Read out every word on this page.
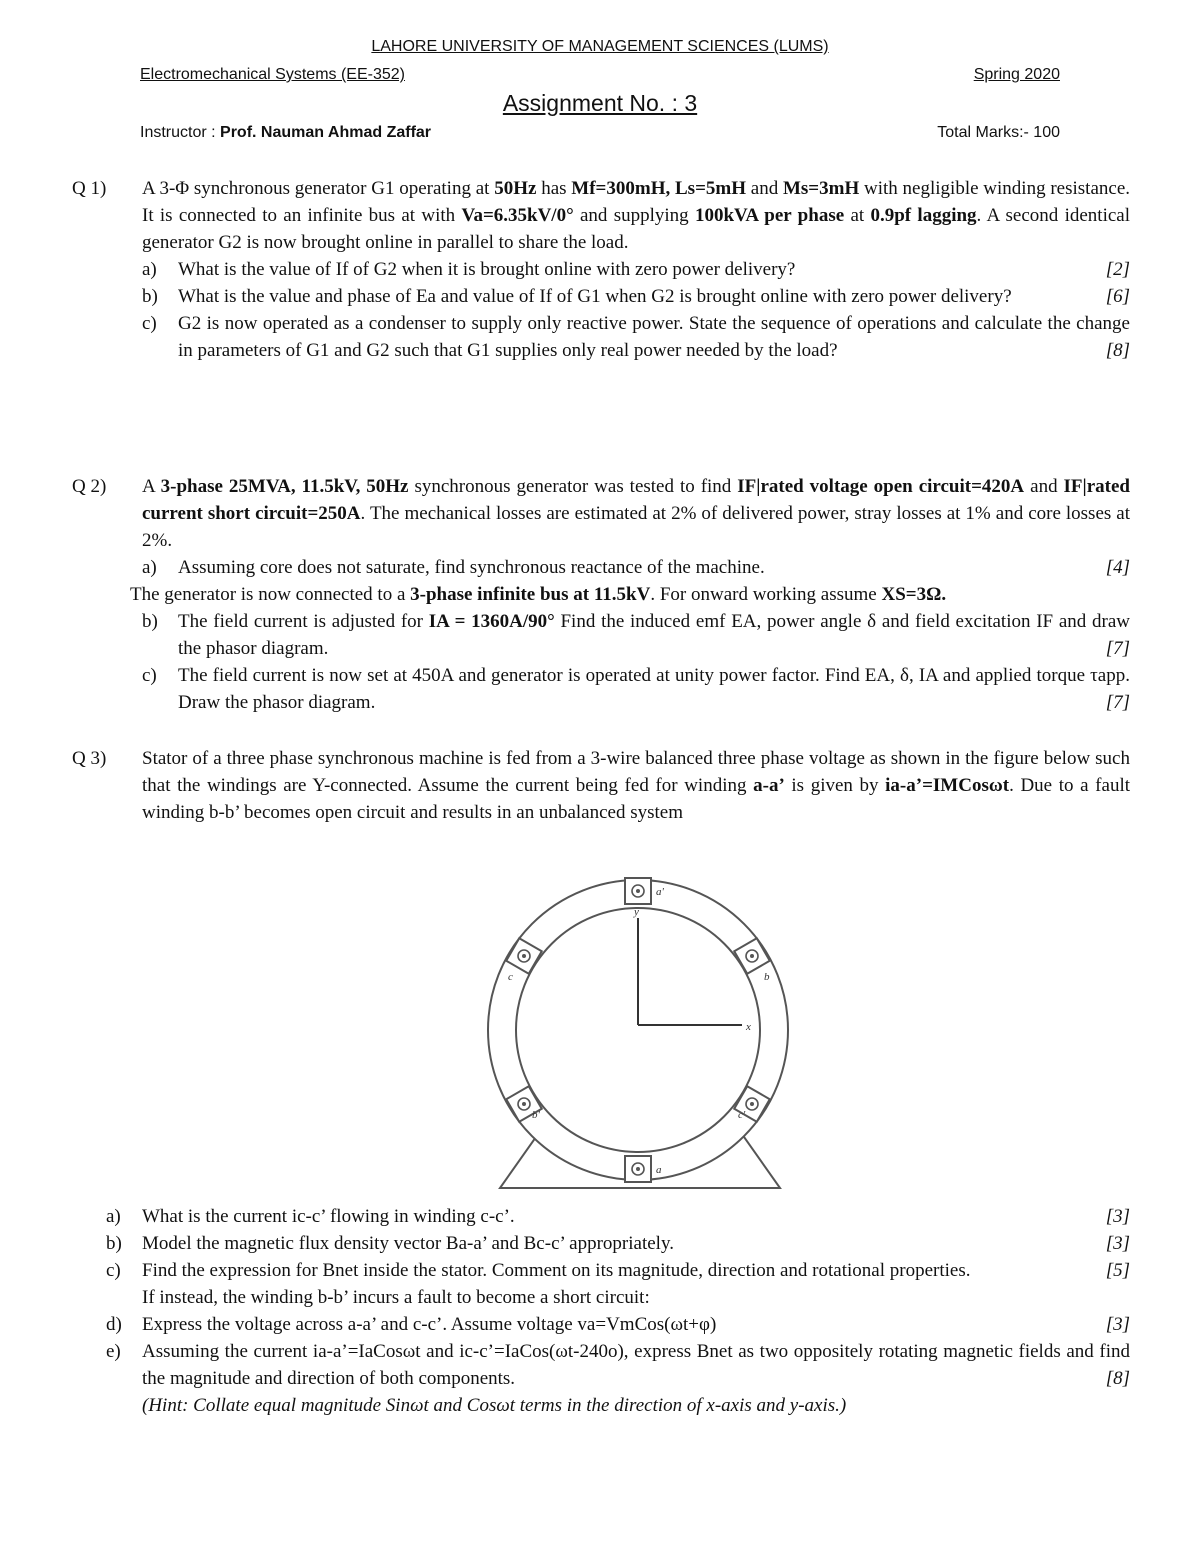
LAHORE UNIVERSITY OF MANAGEMENT SCIENCES (LUMS)
Electromechanical Systems (EE-352)	Spring 2020
Assignment No. : 3
Instructor : Prof. Nauman Ahmad Zaffar	Total Marks:- 100
Q 1)	A 3-Φ synchronous generator G1 operating at 50Hz has Mf=300mH, Ls=5mH and Ms=3mH with negligible winding resistance. It is connected to an infinite bus at with Va=6.35kV/0° and supplying 100kVA per phase at 0.9pf lagging. A second identical generator G2 is now brought online in parallel to share the load.

a) What is the value of If of G2 when it is brought online with zero power delivery?	[2]

b) What is the value and phase of Ea and value of If of G1 when G2 is brought online with zero power delivery?	[6]

c) G2 is now operated as a condenser to supply only reactive power. State the sequence of operations and calculate the change in parameters of G1 and G2 such that G1 supplies only real power needed by the load?	[8]

Q 2)	A 3-phase 25MVA, 11.5kV, 50Hz synchronous generator was tested to find IF|rated voltage open circuit=420A and IF|rated current short circuit=250A. The mechanical losses are estimated at 2% of delivered power, stray losses at 1% and core losses at 2%.

a) Assuming core does not saturate, find synchronous reactance of the machine.	[4]

The generator is now connected to a 3-phase infinite bus at 11.5kV. For onward working assume XS=3Ω.

b) The field current is adjusted for IA = 1360A/90° Find the induced emf EA, power angle δ and field excitation IF and draw the phasor diagram.	[7]

c) The field current is now set at 450A and generator is operated at unity power factor. Find EA, δ, IA and applied torque τapp. Draw the phasor diagram.	[7]

Q 3)	Stator of a three phase synchronous machine is fed from a 3-wire balanced three phase voltage as shown in the figure below such that the windings are Y-connected. Assume the current being fed for winding a-a’ is given by ia-a’=IMCosωt. Due to a fault winding b-b’ becomes open circuit and results in an unbalanced system

a'
a
b
b'
c
c'
x
y

a) What is the current ic-c’ flowing in winding c-c’.	[3]

b) Model the magnetic flux density vector Ba-a’ and Bc-c’ appropriately.	[3]

c) Find the expression for Bnet inside the stator. Comment on its magnitude, direction and rotational properties.	[5]

If instead, the winding b-b’ incurs a fault to become a short circuit:

d) Express the voltage across a-a’ and c-c’. Assume voltage va=VmCos(ωt+φ)	[3]

e) Assuming the current ia-a’=IaCosωt and ic-c’=IaCos(ωt-240o), express Bnet as two oppositely rotating magnetic fields and find the magnitude and direction of both components.	[8]

(Hint: Collate equal magnitude Sinωt and Cosωt terms in the direction of x-axis and y-axis.)
